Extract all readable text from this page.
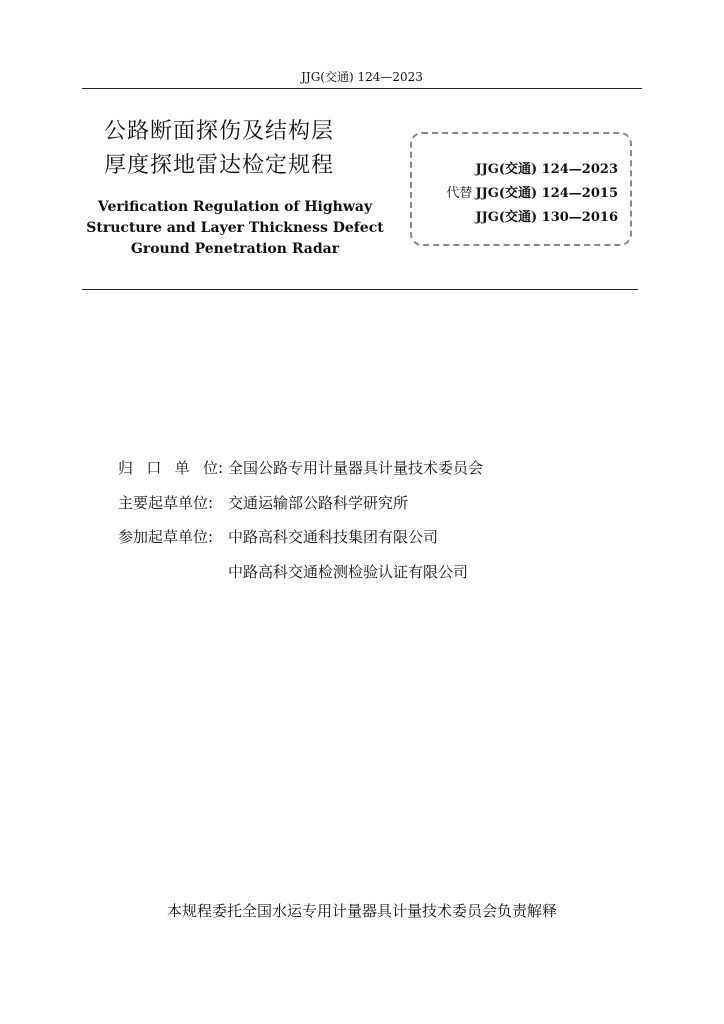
JJG(交通) 124—2023
公路断面探伤及结构层
厚度探地雷达检定规程
Verification Regulation of Highway
Structure and Layer Thickness Defect
Ground Penetration Radar
JJG(交通) 124—2023
代替 JJG(交通) 124—2015
JJG(交通) 130—2016
归 口 单 位 : 全国公路专用计量器具计量技术委员会
主要起草单位: 交通运输部公路科学研究所
参加起草单位: 中路高科交通科技集团有限公司
中路高科交通检测检验认证有限公司
本规程委托全国水运专用计量器具计量技术委员会负责解释
